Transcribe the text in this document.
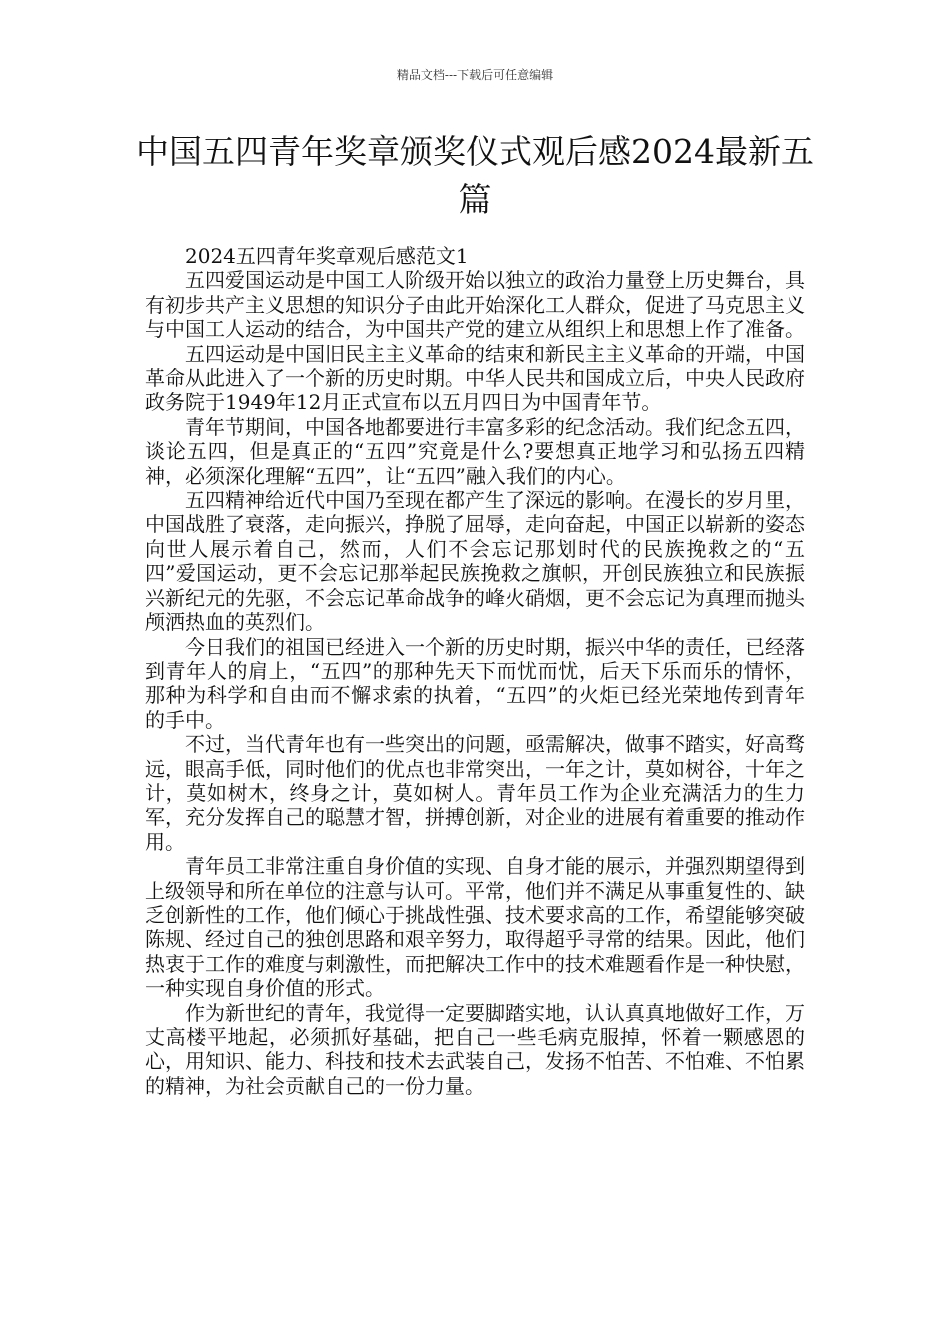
精品文档---下载后可任意编辑
中国五四青年奖章颁奖仪式观后感2024最新五篇

2024五四青年奖章观后感范文1

五四爱国运动是中国工人阶级开始以独立的政治力量登上历史舞台，具有初步共产主义思想的知识分子由此开始深化工人群众，促进了马克思主义与中国工人运动的结合，为中国共产党的建立从组织上和思想上作了准备。

五四运动是中国旧民主主义革命的结束和新民主主义革命的开端，中国革命从此进入了一个新的历史时期。中华人民共和国成立后，中央人民政府政务院于1949年12月正式宣布以五月四日为中国青年节。

青年节期间，中国各地都要进行丰富多彩的纪念活动。我们纪念五四，谈论五四，但是真正的“五四”究竟是什么?要想真正地学习和弘扬五四精神，必须深化理解“五四”，让“五四”融入我们的内心。

五四精神给近代中国乃至现在都产生了深远的影响。在漫长的岁月里，中国战胜了衰落，走向振兴，挣脱了屈辱，走向奋起，中国正以崭新的姿态向世人展示着自己，然而，人们不会忘记那划时代的民族挽救之的“五四”爱国运动，更不会忘记那举起民族挽救之旗帜，开创民族独立和民族振兴新纪元的先驱，不会忘记革命战争的峰火硝烟，更不会忘记为真理而抛头颅洒热血的英烈们。

今日我们的祖国已经进入一个新的历史时期，振兴中华的责任，已经落到青年人的肩上，“五四”的那种先天下而忧而忧，后天下乐而乐的情怀，那种为科学和自由而不懈求索的执着，“五四”的火炬已经光荣地传到青年的手中。

不过，当代青年也有一些突出的问题，亟需解决，做事不踏实，好高骛远，眼高手低，同时他们的优点也非常突出，一年之计，莫如树谷，十年之计，莫如树木，终身之计，莫如树人。青年员工作为企业充满活力的生力军，充分发挥自己的聪慧才智，拼搏创新，对企业的进展有着重要的推动作用。

青年员工非常注重自身价值的实现、自身才能的展示，并强烈期望得到上级领导和所在单位的注意与认可。平常，他们并不满足从事重复性的、缺乏创新性的工作，他们倾心于挑战性强、技术要求高的工作，希望能够突破陈规、经过自己的独创思路和艰辛努力，取得超乎寻常的结果。因此，他们热衷于工作的难度与刺激性，而把解决工作中的技术难题看作是一种快慰，一种实现自身价值的形式。

作为新世纪的青年，我觉得一定要脚踏实地，认认真真地做好工作，万丈高楼平地起，必须抓好基础，把自己一些毛病克服掉，怀着一颗感恩的心，用知识、能力、科技和技术去武装自己，发扬不怕苦、不怕难、不怕累的精神，为社会贡献自己的一份力量。
